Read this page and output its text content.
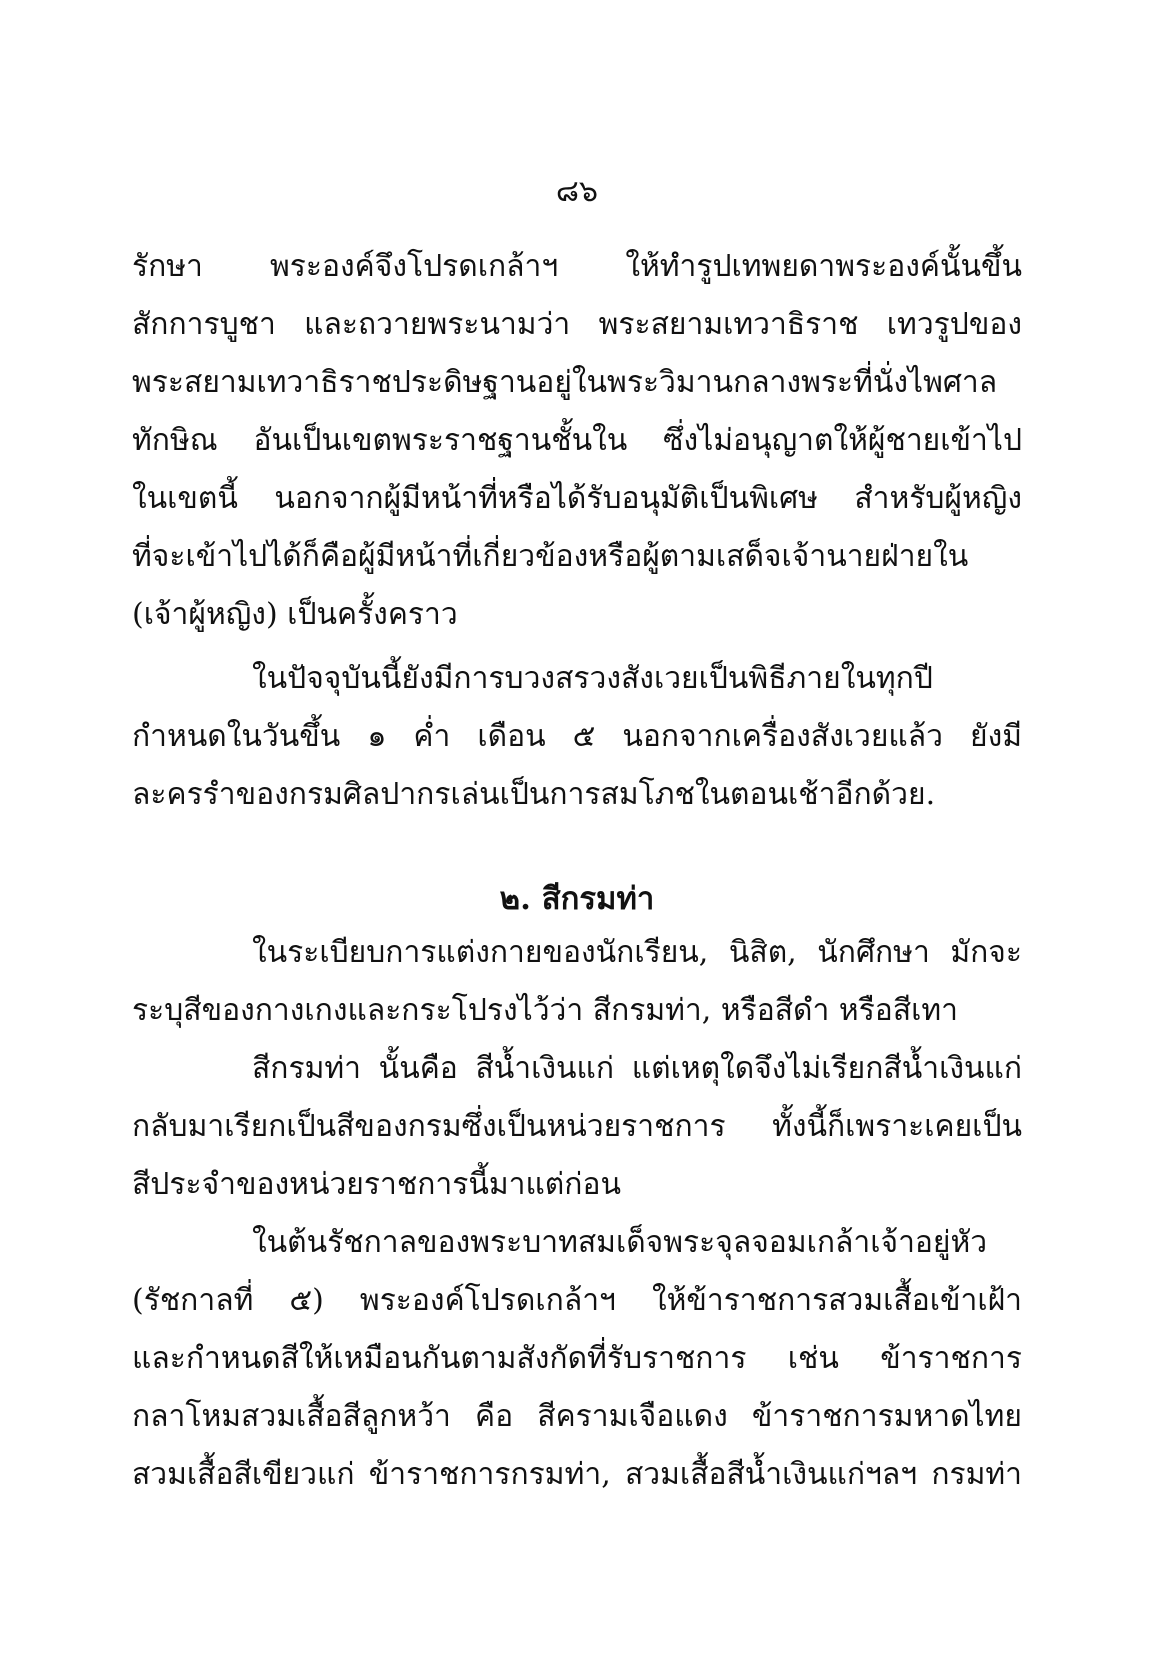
๘๖
รักษา พระองค์จึงโปรดเกล้าฯ ให้ทำรูปเทพยดาพระองค์นั้นขึ้น
สักการบูชา และถวายพระนามว่า พระสยามเทวาธิราช เทวรูปของ
พระสยามเทวาธิราชประดิษฐานอยู่ในพระวิมานกลางพระที่นั่งไพศาล
ทักษิณ อันเป็นเขตพระราชฐานชั้นใน ซึ่งไม่อนุญาตให้ผู้ชายเข้าไป
ในเขตนี้ นอกจากผู้มีหน้าที่หรือได้รับอนุมัติเป็นพิเศษ สำหรับผู้หญิง
ที่จะเข้าไปได้ก็คือผู้มีหน้าที่เกี่ยวข้องหรือผู้ตามเสด็จเจ้านายฝ่ายใน
(เจ้าผู้หญิง) เป็นครั้งคราว
ในปัจจุบันนี้ยังมีการบวงสรวงสังเวยเป็นพิธีภายในทุกปี
กำหนดในวันขึ้น ๑ ค่ำ เดือน ๕ นอกจากเครื่องสังเวยแล้ว ยังมี
ละครรำของกรมศิลปากรเล่นเป็นการสมโภชในตอนเช้าอีกด้วย.
๒. สีกรมท่า
ในระเบียบการแต่งกายของนักเรียน, นิสิต, นักศึกษา มักจะ
ระบุสีของกางเกงและกระโปรงไว้ว่า สีกรมท่า, หรือสีดำ หรือสีเทา
สีกรมท่า นั้นคือ สีน้ำเงินแก่ แต่เหตุใดจึงไม่เรียกสีน้ำเงินแก่
กลับมาเรียกเป็นสีของกรมซึ่งเป็นหน่วยราชการ ทั้งนี้ก็เพราะเคยเป็น
สีประจำของหน่วยราชการนี้มาแต่ก่อน
ในต้นรัชกาลของพระบาทสมเด็จพระจุลจอมเกล้าเจ้าอยู่หัว
(รัชกาลที่ ๕) พระองค์โปรดเกล้าฯ ให้ข้าราชการสวมเสื้อเข้าเฝ้า
และกำหนดสีให้เหมือนกันตามสังกัดที่รับราชการ เช่น ข้าราชการ
กลาโหมสวมเสื้อสีลูกหว้า คือ สีครามเจือแดง ข้าราชการมหาดไทย
สวมเสื้อสีเขียวแก่ ข้าราชการกรมท่า, สวมเสื้อสีน้ำเงินแก่ฯลฯ กรมท่า
